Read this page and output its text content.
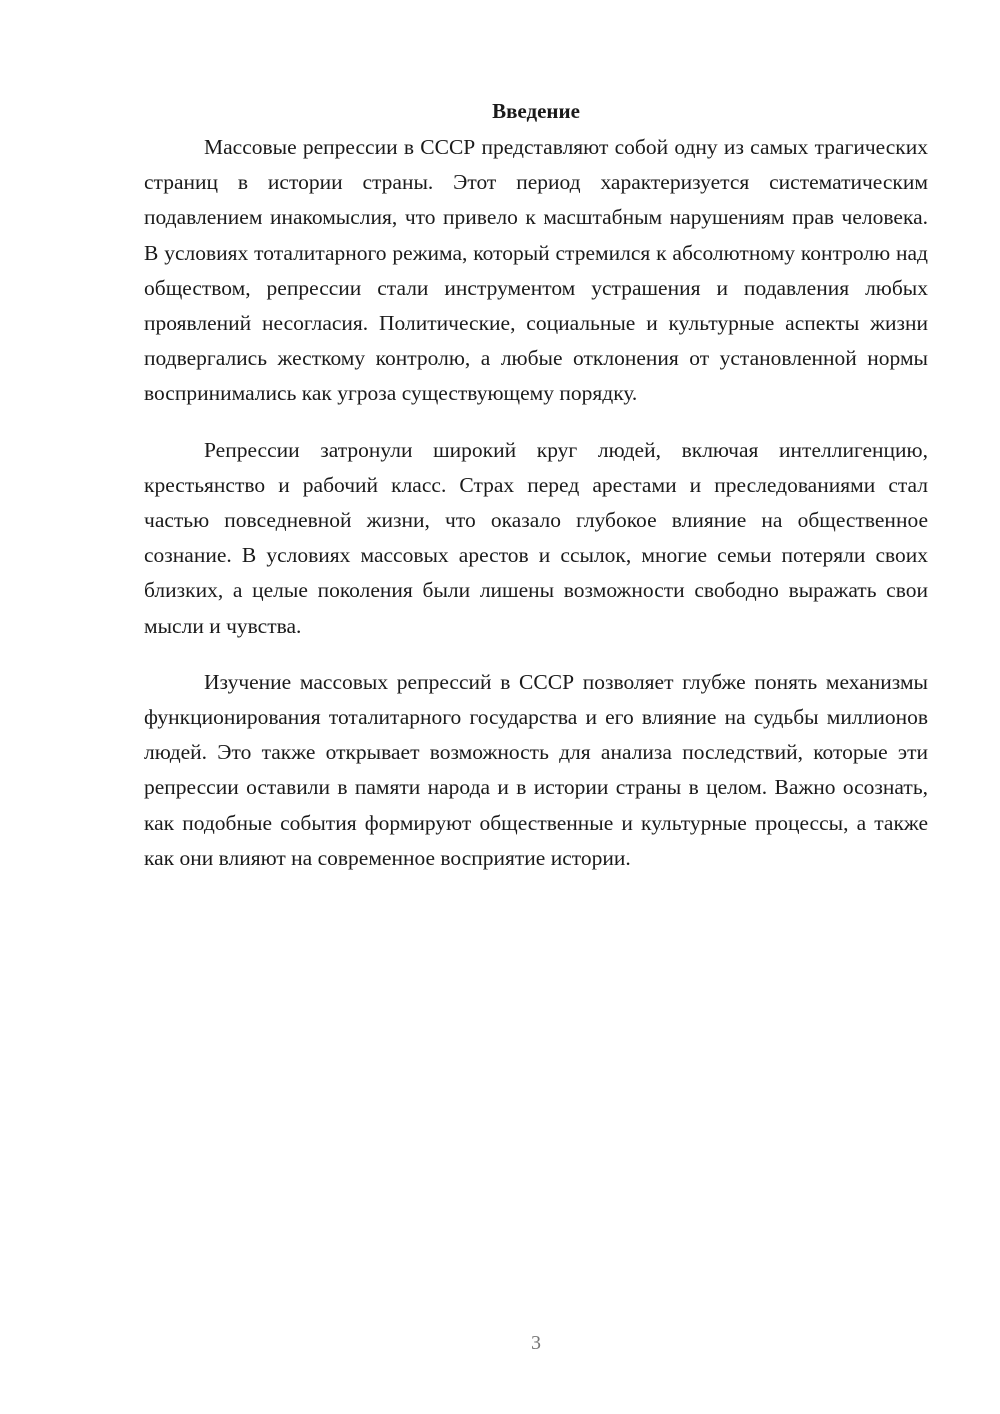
Введение

Массовые репрессии в СССР представляют собой одну из самых трагических страниц в истории страны. Этот период характеризуется систематическим подавлением инакомыслия, что привело к масштабным нарушениям прав человека. В условиях тоталитарного режима, который стремился к абсолютному контролю над обществом, репрессии стали инструментом устрашения и подавления любых проявлений несогласия. Политические, социальные и культурные аспекты жизни подвергались жесткому контролю, а любые отклонения от установленной нормы воспринимались как угроза существующему порядку.

Репрессии затронули широкий круг людей, включая интеллигенцию, крестьянство и рабочий класс. Страх перед арестами и преследованиями стал частью повседневной жизни, что оказало глубокое влияние на общественное сознание. В условиях массовых арестов и ссылок, многие семьи потеряли своих близких, а целые поколения были лишены возможности свободно выражать свои мысли и чувства.

Изучение массовых репрессий в СССР позволяет глубже понять механизмы функционирования тоталитарного государства и его влияние на судьбы миллионов людей. Это также открывает возможность для анализа последствий, которые эти репрессии оставили в памяти народа и в истории страны в целом. Важно осознать, как подобные события формируют общественные и культурные процессы, а также как они влияют на современное восприятие истории.

3
